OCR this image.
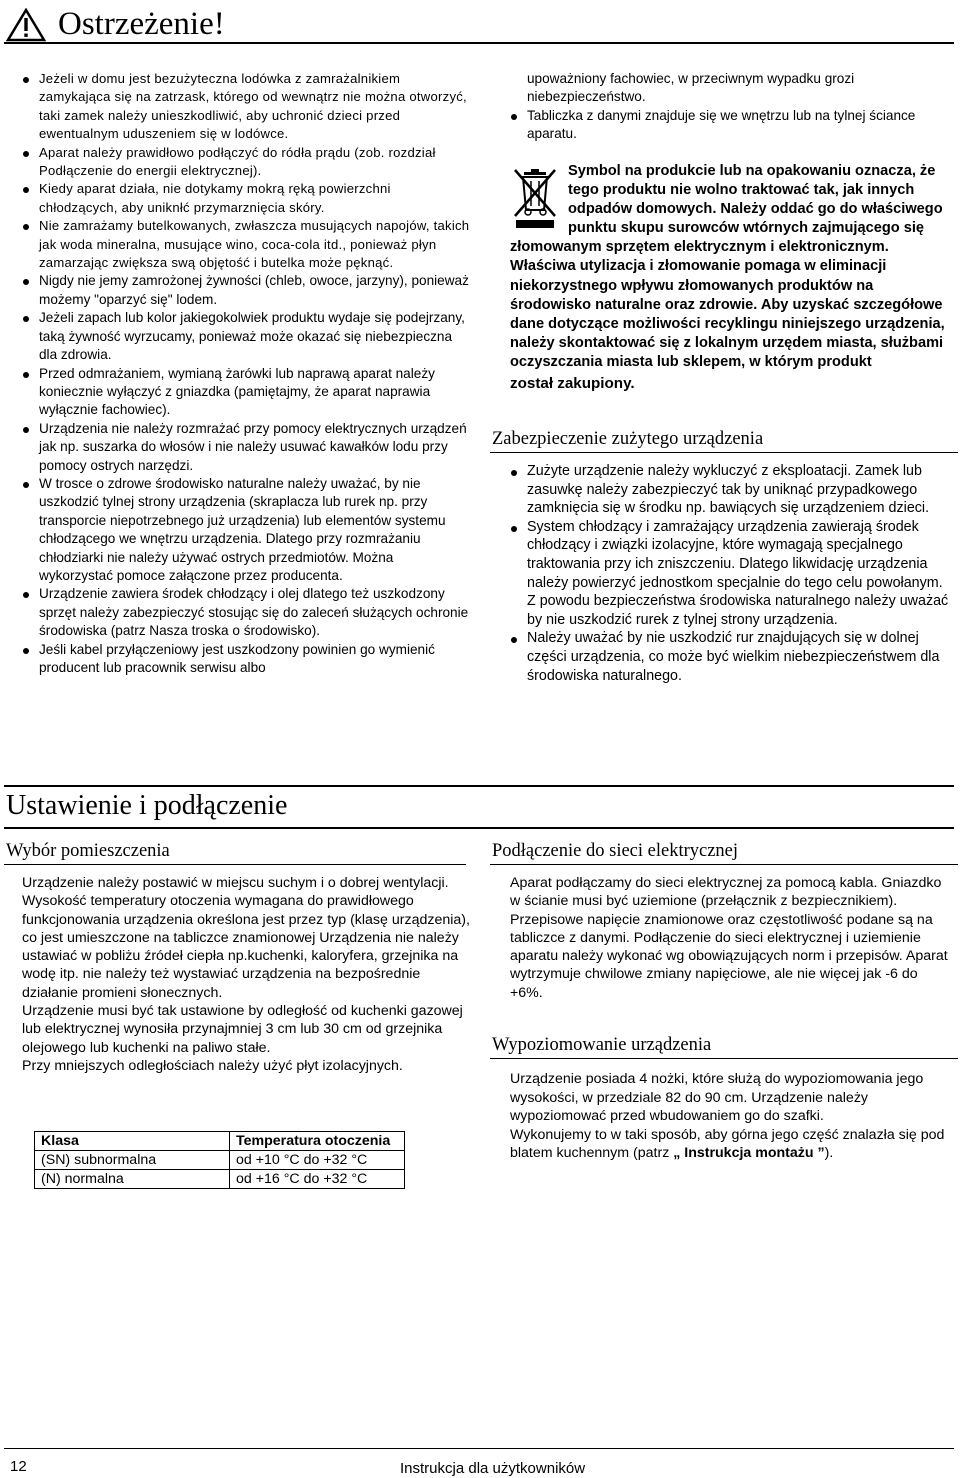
Ostrzeżenie!
Jeżeli w domu jest bezużyteczna lodówka z zamrażalnikiem zamykająca się na zatrzask, którego od wewnątrz nie można otworzyć, taki zamek należy unieszkodliwić, aby uchronić dzieci przed ewentualnym uduszeniem się w lodówce.
Aparat należy prawidłowo podłączyć do ródła prądu (zob. rozdział Podłączenie do energii elektrycznej).
Kiedy aparat działa, nie dotykamy mokrą ręką powierzchni chłodzących, aby uniknłć przymarznięcia skóry.
Nie zamrażamy butelkowanych, zwłaszcza musujących napojów, takich jak woda mineralna, musujące wino, coca-cola itd., ponieważ płyn zamarzając zwiększa swą objętość i butelka może pęknąć.
Nigdy nie jemy zamrożonej żywności (chleb, owoce, jarzyny), ponieważ możemy "oparzyć się" lodem.
Jeżeli zapach lub kolor jakiegokolwiek produktu wydaje się podejrzany, taką żywność wyrzucamy, ponieważ może okazać się niebezpieczna dla zdrowia.
Przed odmrażaniem, wymianą żarówki lub naprawą aparat należy koniecznie wyłączyć z gniazdka (pamiętajmy, że aparat naprawia wyłącznie fachowiec).
Urządzenia nie należy rozmrażać przy pomocy elektrycznych urządzeń jak np. suszarka do włosów i nie należy usuwać kawałków lodu przy pomocy ostrych narzędzi.
W trosce o zdrowe środowisko naturalne należy uważać, by nie uszkodzić tylnej strony urządzenia (skraplacza lub rurek np. przy transporcie niepotrzebnego już urządzenia) lub elementów systemu chłodzącego we wnętrzu urządzenia. Dlatego przy rozmrażaniu chłodziarki nie należy używać ostrych przedmiotów. Można wykorzystać pomoce załączone przez producenta.
Urządzenie zawiera środek chłodzący i olej dlatego też uszkodzony sprzęt należy zabezpieczyć stosując się do zaleceń służących ochronie środowiska (patrz Nasza troska o środowisko).
Jeśli kabel przyłączeniowy jest uszkodzony powinien go wymienić producent lub pracownik serwisu albo
upoważniony fachowiec, w przeciwnym wypadku grozi niebezpieczeństwo.
Tabliczka z danymi znajduje się we wnętrzu lub na tylnej ściance aparatu.
Symbol na produkcie lub na opakowaniu oznacza, że tego produktu nie wolno traktować tak, jak innych odpadów domowych. Należy oddać go do właściwego punktu skupu surowców wtórnych zajmującego się złomowanym sprzętem elektrycznym i elektronicznym. Właściwa utylizacja i złomowanie pomaga w eliminacji niekorzystnego wpływu złomowanych produktów na środowisko naturalne oraz zdrowie. Aby uzyskać szczegółowe dane dotyczące możliwości recyklingu niniejszego urządzenia, należy skontaktować się z lokalnym urzędem miasta, służbami oczyszczania miasta lub sklepem, w którym produkt
został zakupiony.
Zabezpieczenie zużytego urządzenia
Zużyte urządzenie należy wykluczyć z eksploatacji. Zamek lub zasuwkę należy zabezpieczyć tak by uniknąć przypadkowego zamknięcia się w środku np. bawiących się urządzeniem dzieci.
System chłodzący i zamrażający urządzenia zawierają środek chłodzący i związki izolacyjne, które wymagają specjalnego traktowania przy ich zniszczeniu. Dlatego likwidację urządzenia należy powierzyć jednostkom specjalnie do tego celu powołanym.
Z powodu bezpieczeństwa środowiska naturalnego należy uważać by nie uszkodzić rurek z tylnej strony urządzenia.
Należy uważać by nie uszkodzić rur znajdujących się w dolnej części urządzenia, co może być wielkim niebezpieczeństwem dla środowiska naturalnego.
Ustawienie i podłączenie
Wybór pomieszczenia
Urządzenie należy postawić w miejscu suchym i o dobrej wentylacji.
Wysokość temperatury otoczenia wymagana do prawidłowego funkcjonowania urządzenia określona jest przez typ (klasę urządzenia), co jest umieszczone na tabliczce znamionowej Urządzenia nie należy ustawiać w pobliżu źródeł ciepła np.kuchenki, kaloryfera, grzejnika na wodę itp. nie należy też wystawiać urządzenia na bezpośrednie działanie promieni słonecznych.
Urządzenie musi być tak ustawione by odległość od kuchenki gazowej lub elektrycznej wynosiła przynajmniej 3 cm lub 30 cm od grzejnika olejowego lub kuchenki na paliwo stałe.
Przy mniejszych odległościach należy użyć płyt izolacyjnych.
Klasa	Temperatura otoczenia
(SN) subnormalna	od +10 °C do +32 °C
(N) normalna	od +16 °C do +32 °C
Podłączenie do sieci elektrycznej
Aparat podłączamy do sieci elektrycznej za pomocą kabla. Gniazdko w ścianie musi być uziemione (przełącznik z bezpiecznikiem).
Przepisowe napięcie znamionowe oraz częstotliwość podane są na tabliczce z danymi. Podłączenie do sieci elektrycznej i uziemienie aparatu należy wykonać wg obowiązujących norm i przepisów. Aparat wytrzymuje chwilowe zmiany napięciowe, ale nie więcej jak -6 do +6%.
Wypoziomowanie urządzenia
Urządzenie posiada 4 nożki, które służą do wypoziomowania jego wysokości, w przedziale 82 do 90 cm. Urządzenie należy wypoziomować przed wbudowaniem go do szafki.
Wykonujemy to w taki sposób, aby górna jego część znalazła się pod blatem kuchennym (patrz „ Instrukcja montażu ”).
12	Instrukcja dla użytkowników
